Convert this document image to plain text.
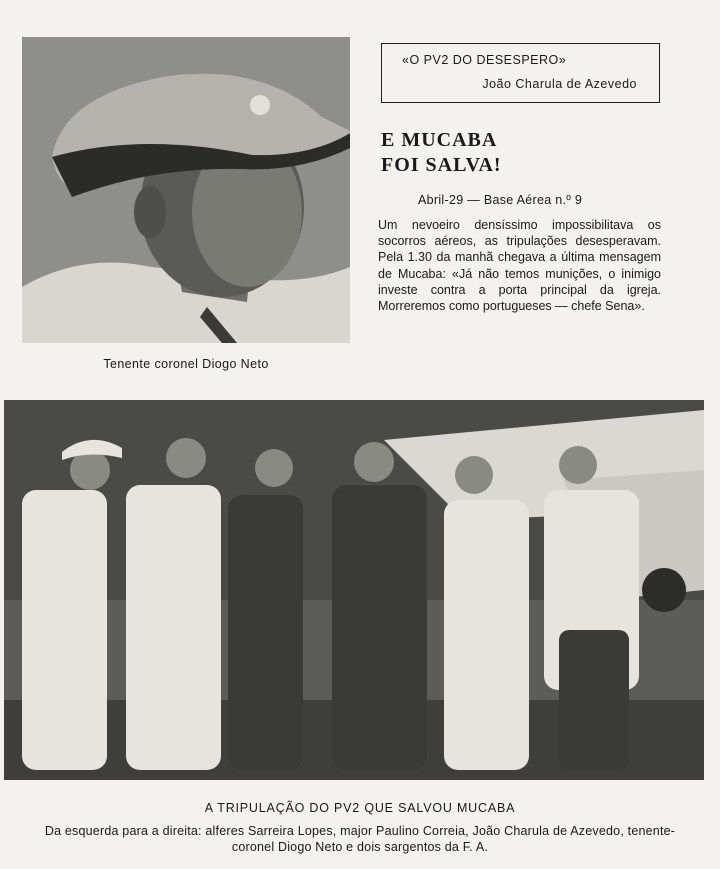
Tenente coronel Diogo Neto
«O PV2 DO DESESPERO»
João Charula de Azevedo
E MUCABA
FOI SALVA!
Abril-29 — Base Aérea n.º 9
Um nevoeiro densíssimo impossibilitava os socorros aéreos, as tripulações desesperavam. Pela 1.30 da manhã chegava a última mensagem de Mucaba: «Já não temos munições, o inimigo investe contra a porta principal da igreja. Morreremos como portugueses — chefe Sena».
A TRIPULAÇÃO DO PV2 QUE SALVOU MUCABA
Da esquerda para a direita: alferes Sarreira Lopes, major Paulino Correia, João Charula de Azevedo, tenente-coronel Diogo Neto e dois sargentos da F. A.
